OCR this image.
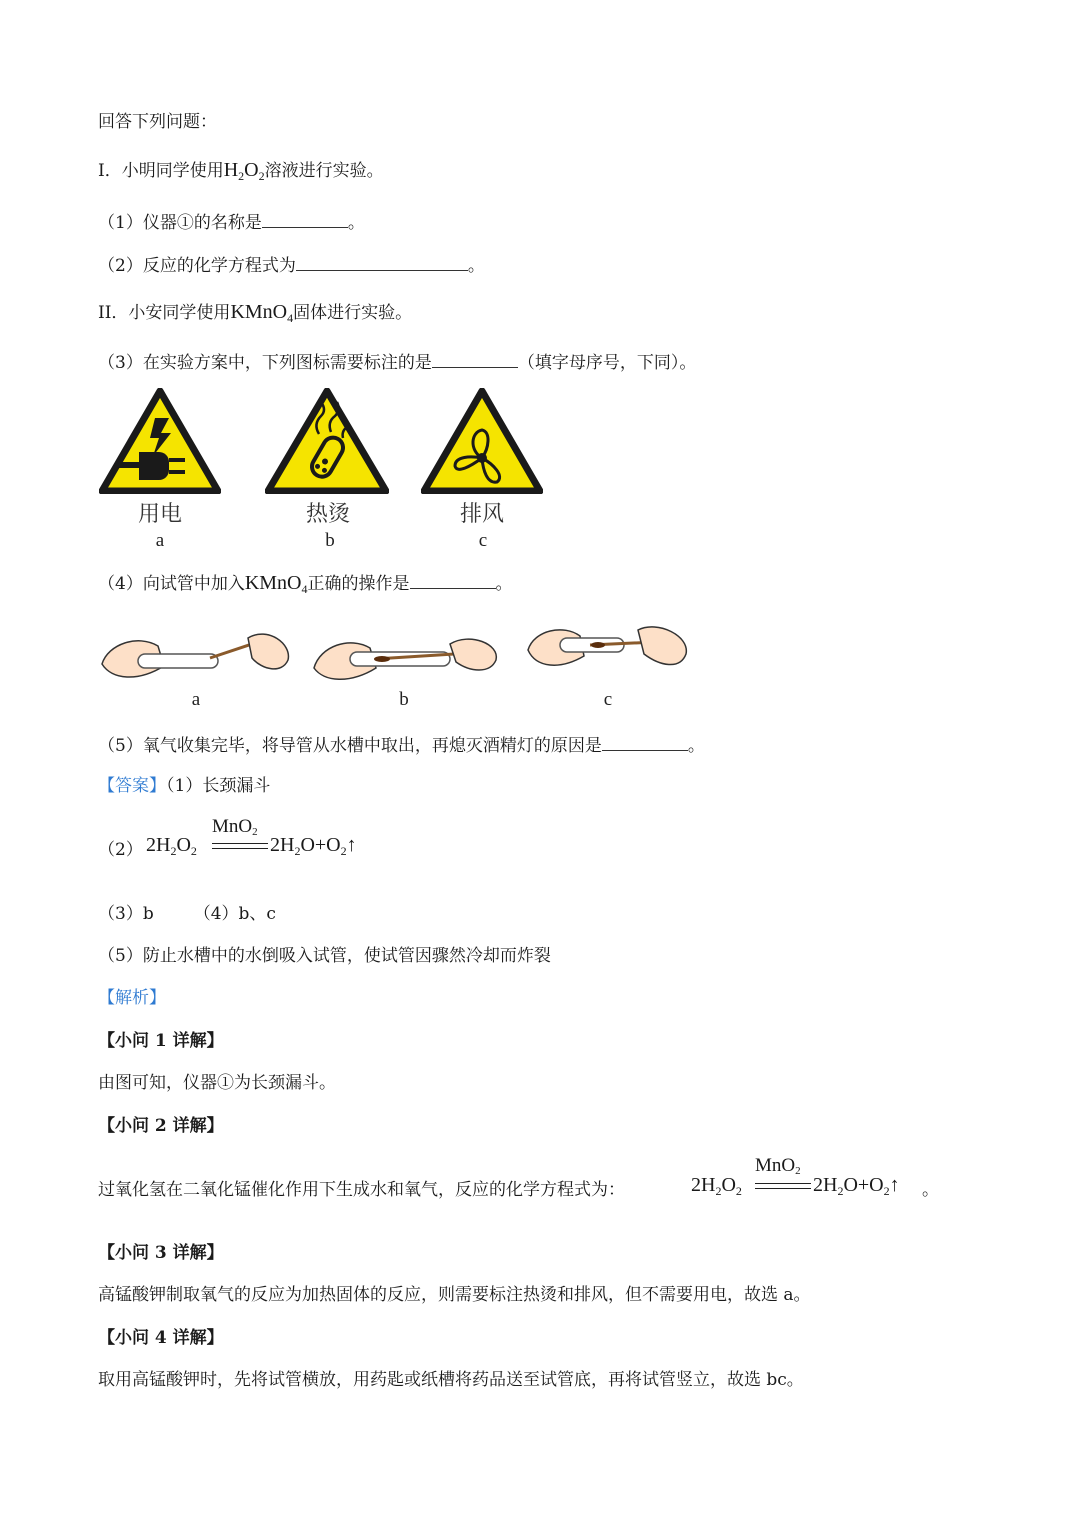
回答下列问题：
I．小明同学使用$H_2O_2$溶液进行实验。
（1）仪器①的名称是	。
（2）反应的化学方程式为	。
II．小安同学使用KMnO$_4$固体进行实验。
（3）在实验方案中，下列图标需要标注的是	（填字母序号，下同）。
用电	热烫	排风
a	b	c
（4）向试管中加入KMnO$_4$正确的操作是	。
a	b	c
（5）氧气收集完毕，将导管从水槽中取出，再熄灭酒精灯的原因是	。
【答案】（1）长颈漏斗
（2）
MnO$_2$
$2H_2O_2$	$2H_2O+O_2↑$
（3）b （4）b、c
（5）防止水槽中的水倒吸入试管，使试管因骤然冷却而炸裂
【解析】
【小问 1 详解】
由图可知，仪器①为长颈漏斗。
【小问 2 详解】
过氧化氢在二氧化锰催化作用下生成水和氧气，反应的化学方程式为：
MnO$_2$
$2H_2O_2$	$2H_2O+O_2↑$ 。
【小问 3 详解】
高锰酸钾制取氧气的反应为加热固体的反应，则需要标注热烫和排风，但不需要用电，故选 a。
【小问 4 详解】
取用高锰酸钾时，先将试管横放，用药匙或纸槽将药品送至试管底，再将试管竖立，故选 bc。
